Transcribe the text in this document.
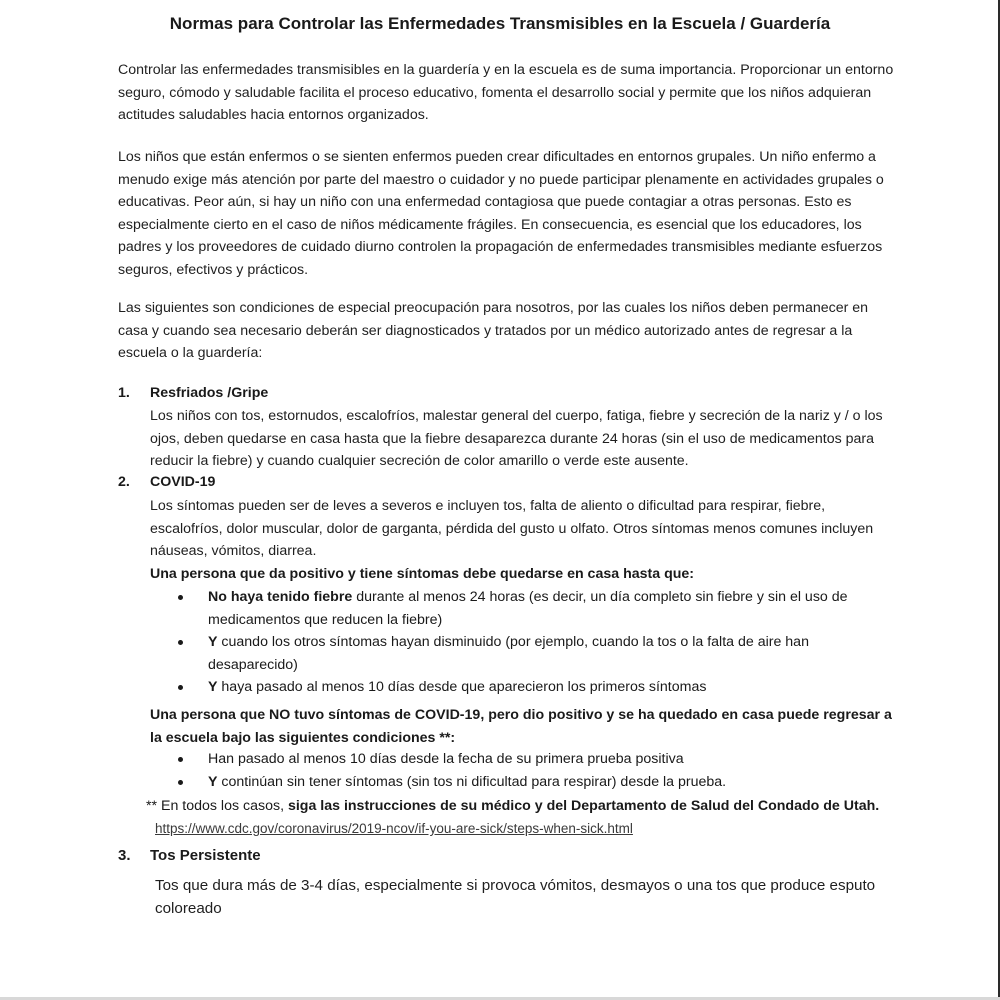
Normas para Controlar las Enfermedades Transmisibles en la Escuela / Guardería

Controlar las enfermedades transmisibles en la guardería y en la escuela es de suma importancia. Proporcionar un entorno seguro, cómodo y saludable facilita el proceso educativo, fomenta el desarrollo social y permite que los niños adquieran actitudes saludables hacia entornos organizados.

Los niños que están enfermos o se sienten enfermos pueden crear dificultades en entornos grupales. Un niño enfermo a menudo exige más atención por parte del maestro o cuidador y no puede participar plenamente en actividades grupales o educativas. Peor aún, si hay un niño con una enfermedad contagiosa que puede contagiar a otras personas. Esto es especialmente cierto en el caso de niños médicamente frágiles. En consecuencia, es esencial que los educadores, los padres y los proveedores de cuidado diurno controlen la propagación de enfermedades transmisibles mediante esfuerzos seguros, efectivos y prácticos.

Las siguientes son condiciones de especial preocupación para nosotros, por las cuales los niños deben permanecer en casa y cuando sea necesario deberán ser diagnosticados y tratados por un médico autorizado antes de regresar a la escuela o la guardería:

1. Resfriados /Gripe

Los niños con tos, estornudos, escalofríos, malestar general del cuerpo, fatiga, fiebre y secreción de la nariz y / o los ojos, deben quedarse en casa hasta que la fiebre desaparezca durante 24 horas (sin el uso de medicamentos para reducir la fiebre) y cuando cualquier secreción de color amarillo o verde este ausente.

2. COVID-19

Los síntomas pueden ser de leves a severos e incluyen tos, falta de aliento o dificultad para respirar, fiebre, escalofríos, dolor muscular, dolor de garganta, pérdida del gusto u olfato. Otros síntomas menos comunes incluyen náuseas, vómitos, diarrea.

Una persona que da positivo y tiene síntomas debe quedarse en casa hasta que:

No haya tenido fiebre durante al menos 24 horas (es decir, un día completo sin fiebre y sin el uso de medicamentos que reducen la fiebre)
Y cuando los otros síntomas hayan disminuido (por ejemplo, cuando la tos o la falta de aire han desaparecido)
Y haya pasado al menos 10 días desde que aparecieron los primeros síntomas

Una persona que NO tuvo síntomas de COVID-19, pero dio positivo y se ha quedado en casa puede regresar a la escuela bajo las siguientes condiciones **:

Han pasado al menos 10 días desde la fecha de su primera prueba positiva
Y continúan sin tener síntomas (sin tos ni dificultad para respirar) desde la prueba.

** En todos los casos, siga las instrucciones de su médico y del Departamento de Salud del Condado de Utah.

https://www.cdc.gov/coronavirus/2019-ncov/if-you-are-sick/steps-when-sick.html

3. Tos Persistente

Tos que dura más de 3-4 días, especialmente si provoca vómitos, desmayos o una tos que produce esputo coloreado
